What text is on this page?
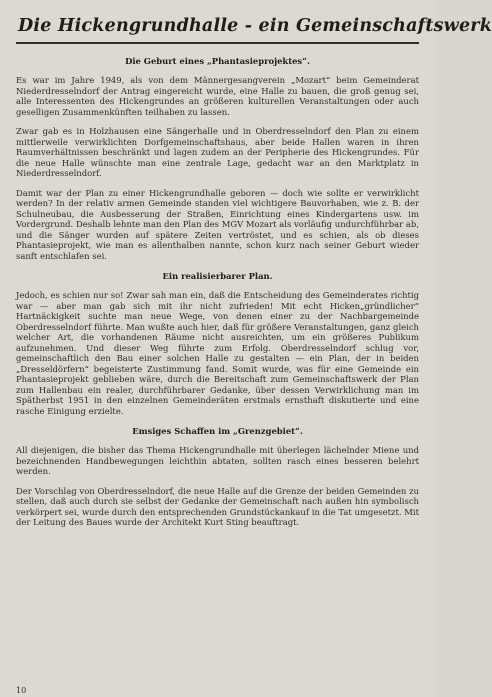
Die Hickengrundhalle - ein Gemeinschaftswerk
Die Geburt eines „Phantasieprojektes“.

Es war im Jahre 1949, als von dem Männergesangverein „Mozart“ beim Gemeinderat Niederdresselndorf der Antrag eingereicht wurde, eine Halle zu bauen, die groß genug sei, alle Interessenten des Hickengrundes an größeren kulturellen Veranstaltungen oder auch geselligen Zusammenkünften teilhaben zu lassen.

Zwar gab es in Holzhausen eine Sängerhalle und in Oberdresselndorf den Plan zu einem mittlerweile verwirklichten Dorfgemeinschaftshaus, aber beide Hallen waren in ihren Raumverhältnissen beschränkt und lagen zudem an der Peripherie des Hickengrundes. Für die neue Halle wünschte man eine zentrale Lage, gedacht war an den Marktplatz in Niederdresselndorf.

Damit war der Plan zu einer Hickengrundhalle geboren — doch wie sollte er verwirklicht werden? In der relativ armen Gemeinde standen viel wichtigere Bauvorhaben, wie z. B. der Schulneubau, die Ausbesserung der Straßen, Einrichtung eines Kindergartens usw. im Vordergrund. Deshalb lehnte man den Plan des MGV Mozart als vorläufig undurchführbar ab, und die Sänger wurden auf spätere Zeiten vertröstet, und es schien, als ob dieses Phantasieprojekt, wie man es allenthalben nannte, schon kurz nach seiner Geburt wieder sanft entschlafen sei.

Ein realisierbarer Plan.

Jedoch, es schien nur so! Zwar sah man ein, daß die Entscheidung des Gemeinderates richtig war — aber man gab sich mit ihr nicht zufrieden! Mit echt Hicken„gründlicher“ Hartnäckigkeit suchte man neue Wege, von denen einer zu der Nachbargemeinde Oberdresselndorf führte. Man wußte auch hier, daß für größere Veranstaltungen, ganz gleich welcher Art, die vorhandenen Räume nicht ausreichten, um ein größeres Publikum aufzunehmen. Und dieser Weg führte zum Erfolg. Oberdresselndorf schlug vor, gemeinschaftlich den Bau einer solchen Halle zu gestalten — ein Plan, der in beiden „Dresseldörfern“ begeisterte Zustimmung fand. Somit wurde, was für eine Gemeinde ein Phantasieprojekt geblieben wäre, durch die Bereitschaft zum Gemeinschaftswerk der Plan zum Hallenbau ein realer, durchführbarer Gedanke, über dessen Verwirklichung man im Spätherbst 1951 in den einzelnen Gemeinderäten erstmals ernsthaft diskutierte und eine rasche Einigung erzielte.

Emsiges Schaffen im „Grenzgebiet“.

All diejenigen, die bisher das Thema Hickengrundhalle mit überlegen lächelnder Miene und bezeichnenden Handbewegungen leichthin abtaten, sollten rasch eines besseren belehrt werden.

Der Vorschlag von Oberdresselndorf, die neue Halle auf die Grenze der beiden Gemeinden zu stellen, daß auch durch sie selbst der Gedanke der Gemeinschaft nach außen hin symbolisch verkörpert sei, wurde durch den entsprechenden Grundstückankauf in die Tat umgesetzt. Mit der Leitung des Baues wurde der Architekt Kurt Sting beauftragt.

10
